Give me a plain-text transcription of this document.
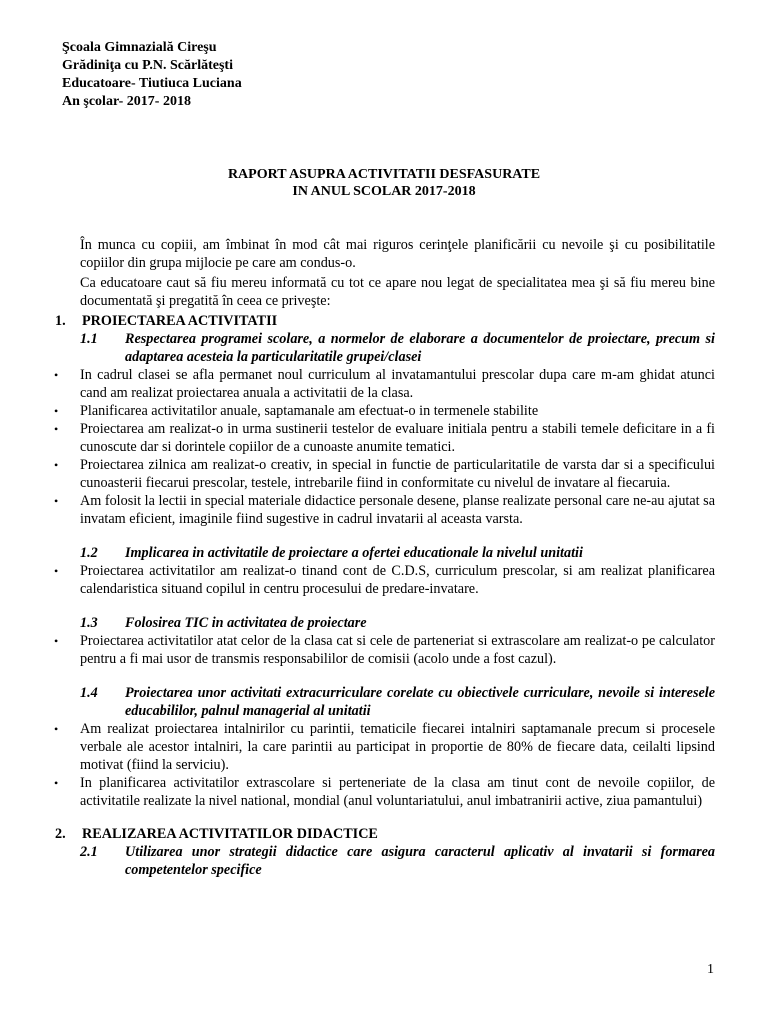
Şcoala Gimnazială Cireşu
Grădiniţa cu P.N. Scărlăteşti
Educatoare- Tiutiuca Luciana
An şcolar- 2017- 2018
RAPORT ASUPRA ACTIVITATII DESFASURATE
IN ANUL SCOLAR 2017-2018

În munca cu copiii, am îmbinat în mod cât mai riguros cerinţele planificării cu nevoile şi cu posibilitatile copiilor din grupa mijlocie pe care am condus-o.

Ca educatoare caut să fiu mereu informată cu tot ce apare nou legat de specialitatea mea şi să fiu mereu bine documentată şi pregatită în ceea ce priveşte:

1.	PROIECTAREA ACTIVITATII
1.1	Respectarea programei scolare, a normelor de elaborare a documentelor de proiectare, precum si adaptarea acesteia la particularitatile grupei/clasei
•	In cadrul clasei se afla permanet noul curriculum al invatamantului prescolar dupa care m-am ghidat atunci cand am realizat proiectarea anuala a activitatii de la clasa.
•	Planificarea activitatilor anuale, saptamanale am efectuat-o in termenele stabilite
•	Proiectarea am realizat-o in urma sustinerii testelor de evaluare initiala pentru a stabili temele deficitare in a fi cunoscute dar si dorintele copiilor de a cunoaste anumite tematici.
•	Proiectarea zilnica am realizat-o creativ, in special in functie de particularitatile de varsta dar si a specificului cunoasterii fiecarui prescolar, testele, intrebarile fiind in conformitate cu nivelul de invatare al fiecaruia.
•	Am folosit la lectii in special materiale didactice personale desene, planse realizate personal care ne-au ajutat sa invatam eficient, imaginile fiind sugestive in cadrul invatarii al aceasta varsta.
1.2	Implicarea in activitatile de proiectare a ofertei educationale la nivelul unitatii
•	Proiectarea activitatilor am realizat-o tinand cont de C.D.S, curriculum prescolar, si am realizat planificarea calendaristica situand copilul in centru procesului de predare-invatare.
1.3	Folosirea TIC in activitatea de proiectare
•	Proiectarea activitatilor atat celor de la clasa cat si cele de parteneriat si extrascolare am realizat-o pe calculator pentru a fi mai usor de transmis responsabililor de comisii (acolo unde a fost cazul).
1.4	Proiectarea unor activitati extracurriculare corelate cu obiectivele curriculare, nevoile si interesele educabililor, palnul managerial al unitatii
•	Am realizat proiectarea intalnirilor cu parintii, tematicile fiecarei intalniri saptamanale precum si procesele verbale ale acestor intalniri, la care parintii au participat in proportie de 80% de fiecare data, ceilalti lipsind motivat (fiind la serviciu).
•	In planificarea activitatilor extrascolare si perteneriate de la clasa am tinut cont de nevoile copiilor, de activitatile realizate la nivel national, mondial (anul voluntariatului, anul imbatranirii active, ziua pamantului)
2.	REALIZAREA ACTIVITATILOR DIDACTICE
2.1	Utilizarea unor strategii didactice care asigura caracterul aplicativ al invatarii si formarea competentelor specifice
1
